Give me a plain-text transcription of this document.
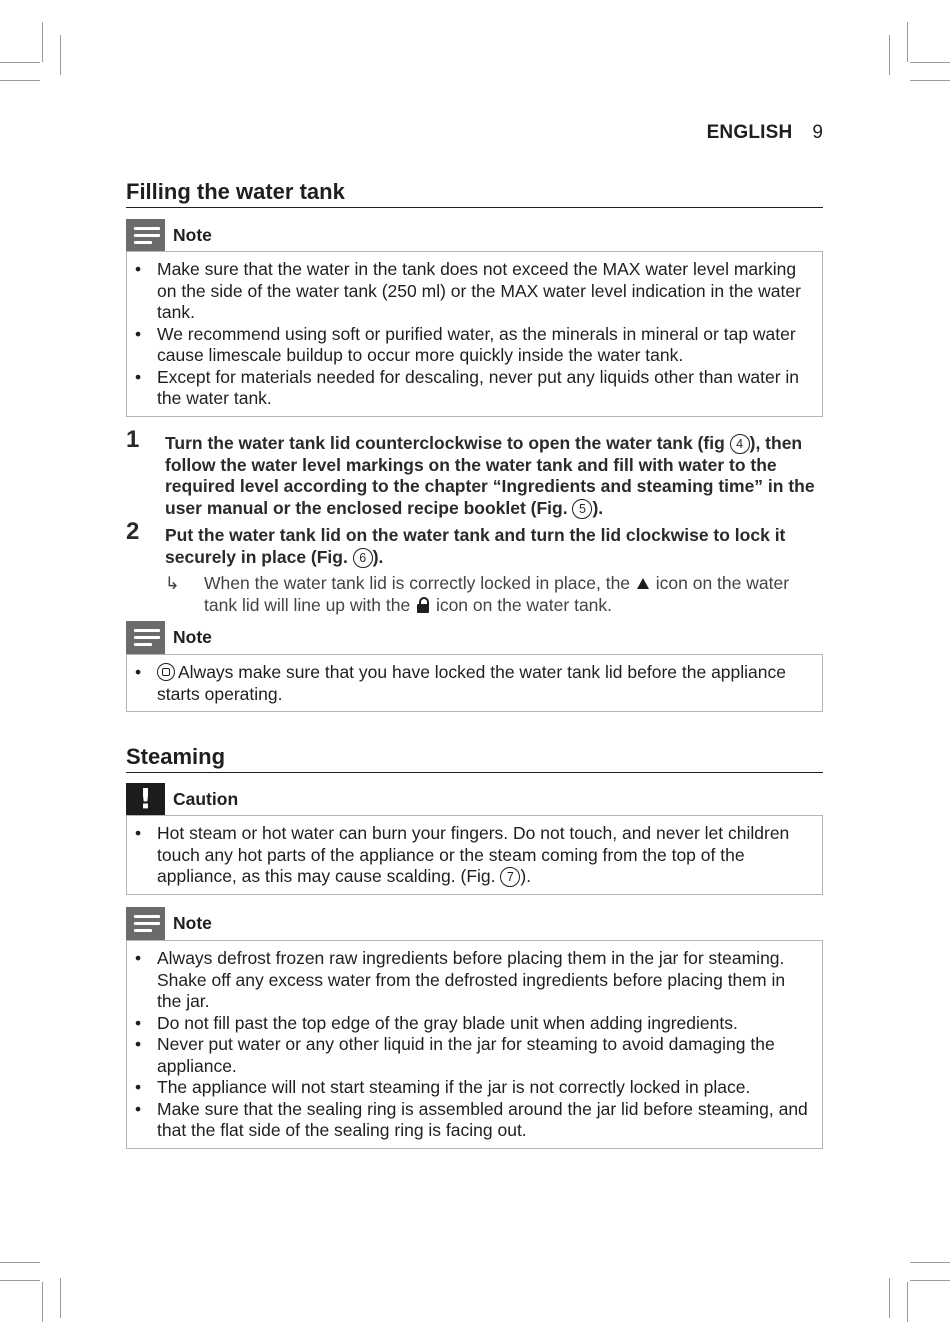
ENGLISH 9
Filling the water tank
Note
• Make sure that the water in the tank does not exceed the MAX water level marking on the side of the water tank (250 ml) or the MAX water level indication in the water tank.
• We recommend using soft or purified water, as the minerals in mineral or tap water cause limescale buildup to occur more quickly inside the water tank.
• Except for materials needed for descaling, never put any liquids other than water in the water tank.
1 Turn the water tank lid counterclockwise to open the water tank (fig 4 ), then follow the water level markings on the water tank and fill with water to the required level according to the chapter “Ingredients and steaming time” in the user manual or the enclosed recipe booklet (Fig. 5 ).
2 Put the water tank lid on the water tank and turn the lid clockwise to lock it securely in place (Fig. 6 ).
↳ When the water tank lid is correctly locked in place, the  icon on the water tank lid will line up with the
icon on the water tank.
Note
• Always make sure that you have locked the water tank lid before the appliance starts operating.
Steaming
! Caution
• Hot steam or hot water can burn your fingers. Do not touch, and never let children touch any hot parts of the appliance or the steam coming from the top of the appliance, as this may cause scalding. (Fig. 7 ).
Note
• Always defrost frozen raw ingredients before placing them in the jar for steaming. Shake off any excess water from the defrosted ingredients before placing them in the jar.
• Do not fill past the top edge of the gray blade unit when adding ingredients.
• Never put water or any other liquid in the jar for steaming to avoid damaging the appliance.
• The appliance will not start steaming if the jar is not correctly locked in place.
• Make sure that the sealing ring is assembled around the jar lid before steaming, and that the flat side of the sealing ring is facing out.
